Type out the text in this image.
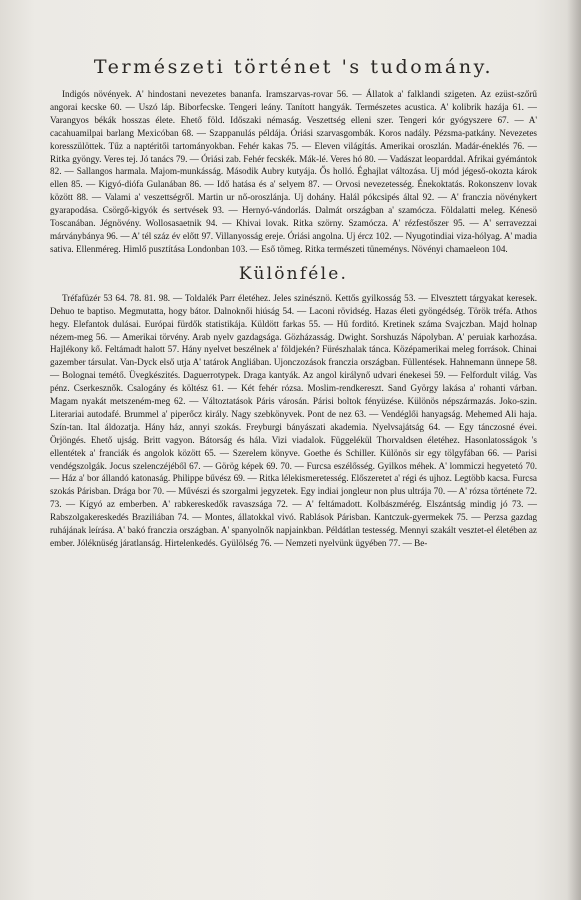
Természeti történet 's tudomány.

Indigós növények. A' hindostani nevezetes bananfa. Iramszarvas-rovar 56. — Állatok a' falklandi szigeten. Az ezüst-szőrű angorai kecske 60. — Uszó láp. Biborfecske. Tengeri leány. Tanított hangyák. Természetes acustica. A' kolibrik hazája 61. — Varangyos békák hosszas élete. Ehető föld. Időszaki némaság. Veszettség elleni szer. Tengeri kór gyógyszere 67. — A' cacahuamilpai barlang Mexicóban 68. — Szappanulás példája. Óriási szarvasgombák. Koros nadály. Pézsma-patkány. Nevezetes koresszülöttek. Tűz a naptéritői tartományokban. Fehér kakas 75. — Eleven világítás. Amerikai oroszlán. Madár-éneklés 76. — Ritka gyöngy. Veres tej. Jó tanács 79. — Óriási zab. Fehér fecskék. Mák-lé. Veres hó 80. — Vadászat leoparddal. Afrikai gyémántok 82. — Sallangos harmala. Majom-munkásság. Második Aubry kutyája. Ős holló. Éghajlat változása. Uj mód jégeső-okozta károk ellen 85. — Kigyó-diófa Gulanában 86. — Idő hatása és a' selyem 87. — Orvosi nevezetesség. Énekoktatás. Rokonszenv lovak között 88. — Valami a' veszettségről. Martin ur nő-oroszlánja. Uj dohány. Halál pókcsipés által 92. — A' franczia növénykert gyarapodása. Csörgő-kigyók és sertvések 93. — Hernyó-vándorlás. Dalmát országban a' szamócza. Földalatti meleg. Kénesö Toscanában. Jégnövény. Wollosasaetnik 94. — Khivai lovak. Ritka szörny. Szamócza. A' rézfestőszer 95. — A' serravezzai márványbánya 96. — A' tél száz év előtt 97. Villanyosság ereje. Óriási angolna. Uj ércz 102. — Nyugotindiai viza-hólyag. A' madia sativa. Ellenméreg. Himlő pusztítása Londonban 103. — Eső tömeg. Ritka természeti tüneménys. Növényi chamaeleon 104.

Különféle.

Tréfafüzér 53 64. 78. 81. 98. — Toldalék Parr életéhez. Jeles szinésznö. Kettős gyilkosság 53. — Elvesztett tárgyakat keresek. Dehuo te baptiso. Megmutatta, hogy bátor. Dalnoknői hiúság 54. — Laconi rövidség. Hazas életi gyöngédség. Török tréfa. Athos hegy. Elefantok dulásai. Európai fürdők statistikája. Küldött farkas 55. — Hű forditó. Kretinek száma Svajczban. Majd holnap nézem-meg 56. — Amerikai törvény. Arab nyelv gazdagsága. Gözházasság. Dwight. Sorshuzás Nápolyban. A' peruiak karhozása. Hajlékony kő. Feltámadt halott 57. Hány nyelvet beszélnek a' földjekén? Fürészhalak tánca. Középamerikai meleg források. Chinai gazember társulat. Van-Dyck első utja A' tatárok Angliában. Ujonczozások franczia országban. Füllentések. Hahnemann ünnepe 58. — Bolognai temétő. Üvegkészités. Daguerrotypek. Draga kantyák. Az angol királynő udvari énekesei 59. — Felfordult világ. Vas pénz. Cserkesznők. Csalogány és költész 61. — Két fehér rózsa. Moslim-rendkereszt. Sand György lakása a' rohanti várban. Magam nyakát metszeném-meg 62. — Változtatások Páris városán. Párisi boltok fényüzése. Különös népszármazás. Joko-szin. Literariai autodafé. Brummel a' piperőcz király. Nagy szebkönyvek. Pont de nez 63. — Vendéglői hanyagság. Mehemed Ali haja. Szín-tan. Ital áldozatja. Hány ház, annyi szokás. Freyburgi bányászati akademia. Nyelvsajátság 64. — Egy tánczosné évei. Örjöngés. Ehető ujság. Britt vagyon. Bátorság és hála. Vizi viadalok. Függelékül Thorvaldsen életéhez. Hasonlatosságok 's ellentétek a' franciák és angolok között 65. — Szerelem könyve. Goethe és Schiller. Különös sir egy tölgyfában 66. — Parisi vendégszolgák. Jocus szelenczéjéből 67. — Görög képek 69. 70. — Furcsa eszélősség. Gyilkos méhek. A' lommiczi hegyetetó 70. — Ház a' bor állandó katonaság. Philippe bűvész 69. — Ritka lélekismeretesség. Előszeretet a' régi és ujhoz. Legtöbb kacsa. Furcsa szokás Párisban. Drága bor 70. — Művészi és szorgalmi jegyzetek. Egy indiai jongleur non plus ultrája 70. — A' rózsa története 72. 73. — Kígyó az emberben. A' rabkereskedők ravaszsága 72. — A' feltámadott. Kolbászmérég. Elszántság mindig jó 73. — Rabszolgakereskedés Braziliában 74. — Montes, állatokkal vivó. Rablások Párisban. Kantczuk-gyermekek 75. — Perzsa gazdag ruhájának leírása. A' bakó franczia országban. A' spanyolnők napjainkban. Példátlan testesség. Mennyi szakált vesztet-el életében az ember. Jóléknüség járatlanság. Hirtelenkedés. Gyülölség 76. — Nemzeti nyelvünk ügyében 77. — Be-
